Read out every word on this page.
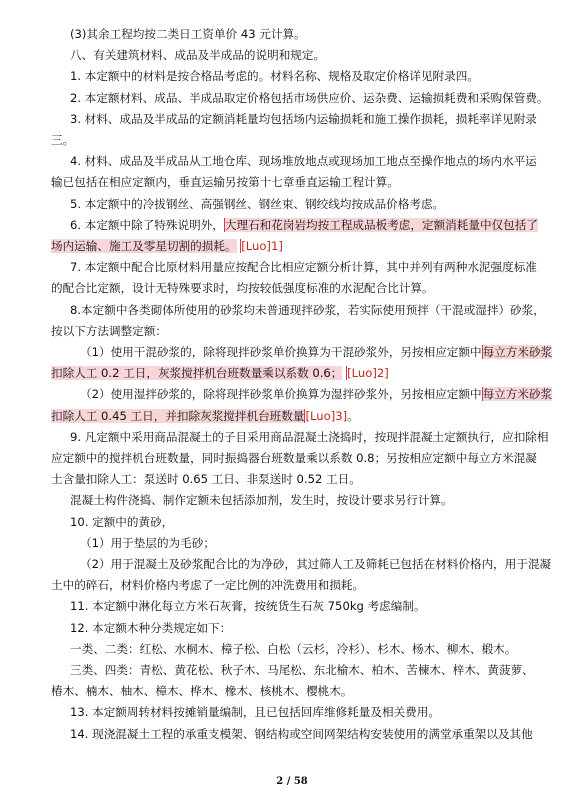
(3)其余工程均按二类日工资单价 43 元计算。
八、有关建筑材料、成品及半成品的说明和规定。
1. 本定额中的材料是按合格品考虑的。材料名称、规格及取定价格详见附录四。
2. 本定额材料、成品、半成品取定价格包括市场供应价、运杂费、运输损耗费和采购保管费。
3. 材料、成品及半成品的定额消耗量均包括场内运输损耗和施工操作损耗，损耗率详见附录
三。
4. 材料、成品及半成品从工地仓库、现场堆放地点或现场加工地点至操作地点的场内水平运
输已包括在相应定额内，垂直运输另按第十七章垂直运输工程计算。
5. 本定额中的冷拔钢丝、高强钢丝、钢丝束、钢绞线均按成品价格考虑。
6. 本定额中除了特殊说明外，大理石和花岗岩均按工程成品板考虑，定额消耗量中仅包括了
场内运输、施工及零星切割的损耗。 [Luo]1]
7. 本定额中配合比原材料用量应按配合比相应定额分析计算，其中并列有两种水泥强度标准
的配合比定额，设计无特殊要求时，均按较低强度标准的水泥配合比计算。
8.本定额中各类砌体所使用的砂浆均未普通现拌砂浆，若实际使用预拌（干混或湿拌）砂浆，
按以下方法调整定额：
（1）使用干混砂浆的，除将现拌砂浆单价换算为干混砂浆外，另按相应定额中每立方米砂浆
扣除人工 0.2 工日，灰浆搅拌机台班数量乘以系数 0.6； [Luo]2]
（2）使用湿拌砂浆的，除将现拌砂浆单价换算为湿拌砂浆外，另按相应定额中每立方米砂浆
扣除人工 0.45 工日，并扣除灰浆搅拌机台班数量[Luo]3]。
9. 凡定额中采用商品混凝土的子目采用商品混凝土浇捣时，按现拌混凝土定额执行，应扣除相
应定额中的搅拌机台班数量，同时振捣器台班数量乘以系数 0.8；另按相应定额中每立方米混凝
土含量扣除人工：泵送时 0.65 工日、非泵送时 0.52 工日。
混凝土构件浇捣、制作定额未包括添加剂，发生时，按设计要求另行计算。
10. 定额中的黄砂，
（1）用于垫层的为毛砂；
（2）用于混凝土及砂浆配合比的为净砂，其过筛人工及筛耗已包括在材料价格内，用于混凝
土中的碎石，材料价格内考虑了一定比例的冲洗费用和损耗。
11. 本定额中淋化每立方米石灰膏，按统货生石灰 750kg 考虑编制。
12. 本定额木种分类规定如下：
一类、二类：红松、水桐木、樟子松、白松（云杉，冷杉）、杉木、杨木、柳木、椴木。
三类、四类：青松、黄花松、秋子木、马尾松、东北榆木、柏木、苦楝木、梓木、黄菠萝、
椿木、楠木、柚木、樟木、桦木、橡木、核桃木、樱桃木。
13. 本定额周转材料按摊销量编制，且已包括回库维修耗量及相关费用。
14. 现浇混凝土工程的承重支模架、钢结构或空间网架结构安装使用的满堂承重架以及其他
2 / 58
